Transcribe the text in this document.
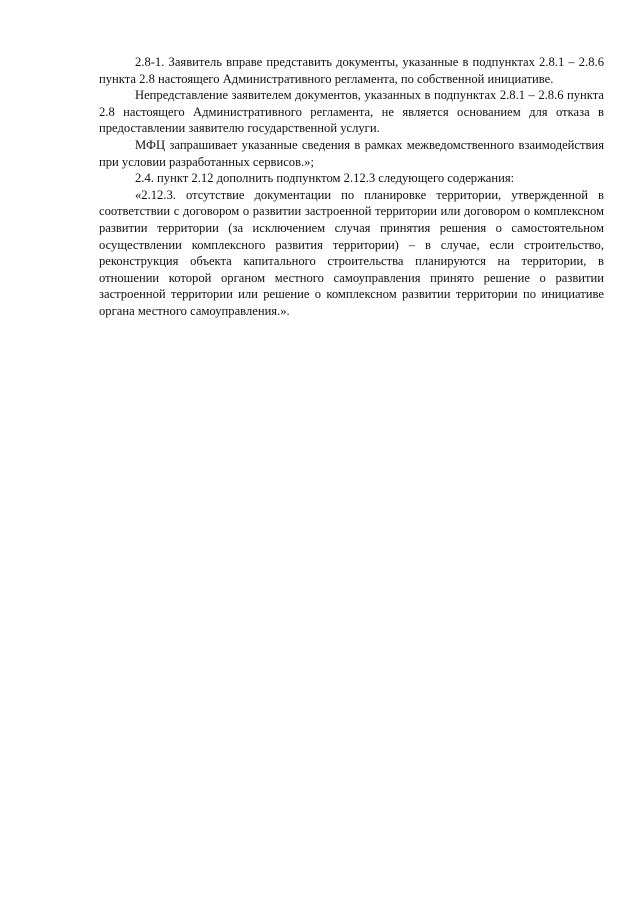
2.8-1. Заявитель вправе представить документы, указанные в подпунктах 2.8.1 – 2.8.6 пункта 2.8 настоящего Административного регламента, по собственной инициативе.

Непредставление заявителем документов, указанных в подпунктах 2.8.1 – 2.8.6 пункта 2.8 настоящего Административного регламента, не является основанием для отказа в предоставлении заявителю государственной услуги.

МФЦ запрашивает указанные сведения в рамках межведомственного взаимодействия при условии разработанных сервисов.»;

2.4. пункт 2.12 дополнить подпунктом 2.12.3 следующего содержания:

«2.12.3. отсутствие документации по планировке территории, утвержденной в соответствии с договором о развитии застроенной территории или договором о комплексном развитии территории (за исключением случая принятия решения о самостоятельном осуществлении комплексного развития территории) – в случае, если строительство, реконструкция объекта капитального строительства планируются на территории, в отношении которой органом местного самоуправления принято решение о развитии застроенной территории или решение о комплексном развитии территории по инициативе органа местного самоуправления.».
